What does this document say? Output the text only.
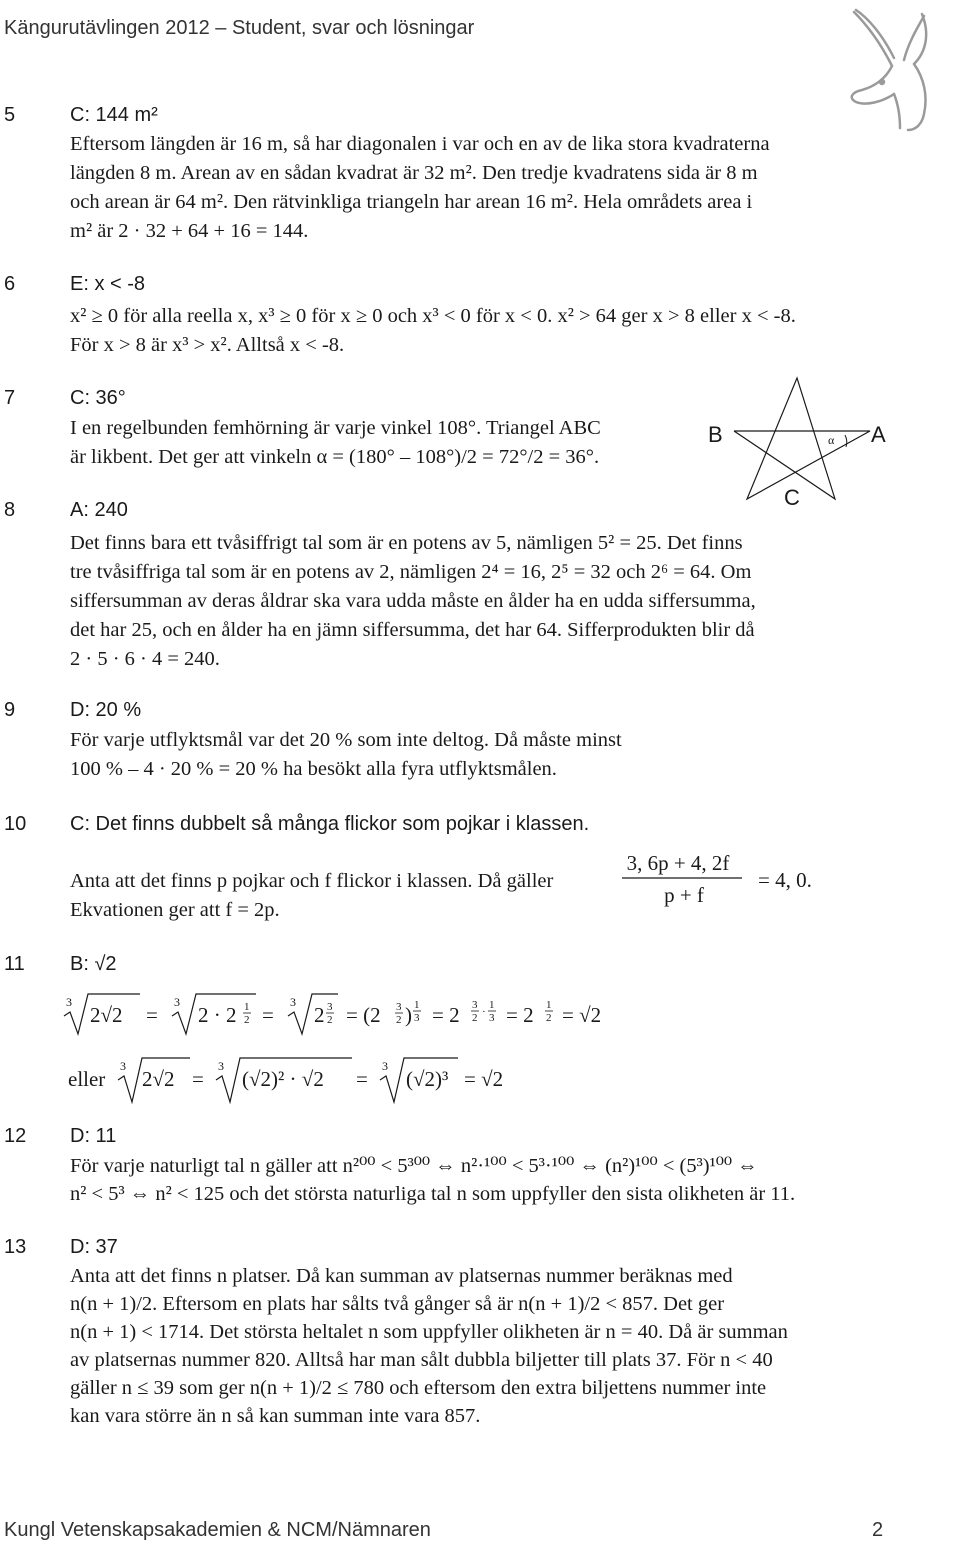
Kängurutävlingen 2012 – Student, svar och lösningar
5	C: 144 m²
Eftersom längden är 16 m, så har diagonalen i var och en av de lika stora kvadraterna
längden 8 m. Arean av en sådan kvadrat är 32 m². Den tredje kvadratens sida är 8 m
och arean är 64 m². Den rätvinkliga triangeln har arean 16 m². Hela områdets area i
m² är 2 · 32 + 64 + 16 = 144.
6	E: x < -8
x² ≥ 0 för alla reella x, x³ ≥ 0 för x ≥ 0 och x³ < 0 för x < 0. x² > 64 ger x > 8 eller x < -8.
För x > 8 är x³ > x². Alltså x < -8.
7	C: 36°
I en regelbunden femhörning är varje vinkel 108°. Triangel ABC
är likbent. Det ger att vinkeln α = (180° – 108°)/2 = 72°/2 = 36°.
B	A
C
α
8	A: 240
Det finns bara ett tvåsiffrigt tal som är en potens av 5, nämligen 5² = 25. Det finns
tre tvåsiffriga tal som är en potens av 2, nämligen 2⁴ = 16, 2⁵ = 32 och 2⁶ = 64. Om
siffersumman av deras åldrar ska vara udda måste en ålder ha en udda siffersumma,
det har 25, och en ålder ha en jämn siffersumma, det har 64. Sifferprodukten blir då
2 · 5 · 6 · 4 = 240.
9	D: 20 %
För varje utflyktsmål var det 20 % som inte deltog. Då måste minst
100 % – 4 · 20 % = 20 % ha besökt alla fyra utflyktsmålen.
10 C: Det finns dubbelt så många flickor som pojkar i klassen.
Anta att det finns p pojkar och f flickor i klassen. Då gäller
Ekvationen ger att f = 2p.
3, 6p + 4, 2f
p + f
= 4, 0.
11 B: √2
3
2√2 =
3
2 · 2 1
2 =
3
2 3
2 = (2 3
2 ) 1
3 = 2 3
2 ·
1
3 = 2 1
2 = √2
eller
3
2√2 =
3
(√2)² · √2 =
3
(√2)³ = √2
12 D: 11
För varje naturligt tal n gäller att n²⁰⁰ < 5³⁰⁰ ⇔ n²·¹⁰⁰ < 5³·¹⁰⁰ ⇔ (n²)¹⁰⁰ < (5³)¹⁰⁰ ⇔
n² < 5³ ⇔ n² < 125 och det största naturliga tal n som uppfyller den sista olikheten är 11.
13 D: 37
Anta att det finns n platser. Då kan summan av platsernas nummer beräknas med
n(n + 1)/2. Eftersom en plats har sålts två gånger så är n(n + 1)/2 < 857. Det ger
n(n + 1) < 1714. Det största heltalet n som uppfyller olikheten är n = 40. Då är summan
av platsernas nummer 820. Alltså har man sålt dubbla biljetter till plats 37. För n < 40
gäller n ≤ 39 som ger n(n + 1)/2 ≤ 780 och eftersom den extra biljettens nummer inte
kan vara större än n så kan summan inte vara 857.
Kungl Vetenskapsakademien & NCM/Nämnaren	2
